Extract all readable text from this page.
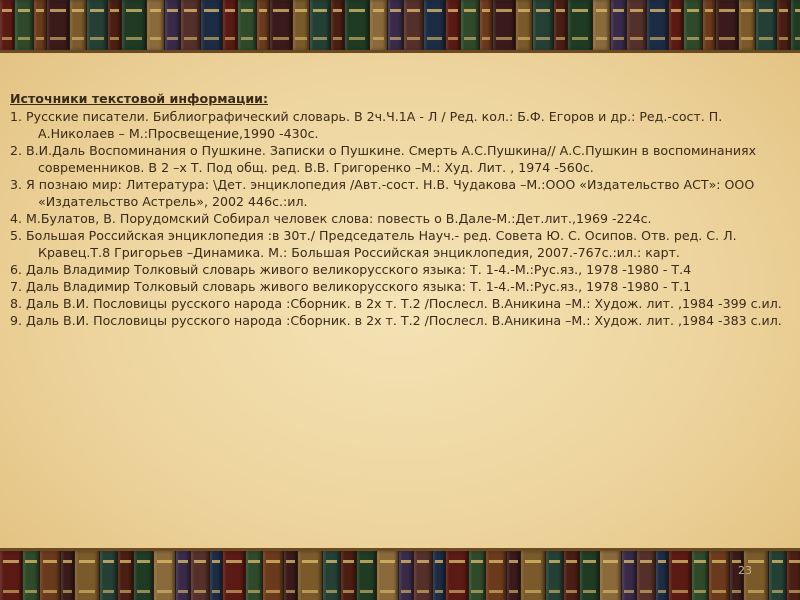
Источники текстовой информации:

1. Русские писатели. Библиографический словарь. В 2ч.Ч.1А - Л / Ред. кол.: Б.Ф. Егоров и др.: Ред.-сост. П. А.Николаев – М.:Просвещение,1990 -430с.

2. В.И.Даль Воспоминания о Пушкине. Записки о Пушкине. Смерть А.С.Пушкина// А.С.Пушкин в воспоминаниях современников. В 2 –х Т. Под общ. ред. В.В. Григоренко –М.: Худ. Лит. , 1974 -560с.

3. Я познаю мир: Литература: \Дет. энциклопедия /Авт.-сост. Н.В. Чудакова –М.:ООО «Издательство АСТ»: ООО «Издательство Астрель», 2002 446с.:ил.

4. М.Булатов, В. Порудомский Собирал человек слова: повесть о В.Дале-М.:Дет.лит.,1969 -224с.

5. Большая Российская энциклопедия :в 30т./ Председатель Науч.- ред. Совета Ю. С. Осипов. Отв. ред. С. Л. Кравец.Т.8 Григорьев –Динамика. М.: Большая Российская энциклопедия, 2007.-767с.:ил.: карт.

6. Даль Владимир Толковый словарь живого великорусского языка: Т. 1-4.-М.:Рус.яз., 1978 -1980 - Т.4

7. Даль Владимир Толковый словарь живого великорусского языка: Т. 1-4.-М.:Рус.яз., 1978 -1980 - Т.1

8. Даль В.И. Пословицы русского народа :Сборник. в 2х т. Т.2 /Послесл. В.Аникина –М.: Худож. лит. ,1984 -399 с.ил.

9. Даль В.И. Пословицы русского народа :Сборник. в 2х т. Т.2 /Послесл. В.Аникина –М.: Худож. лит. ,1984 -383 с.ил.

23
